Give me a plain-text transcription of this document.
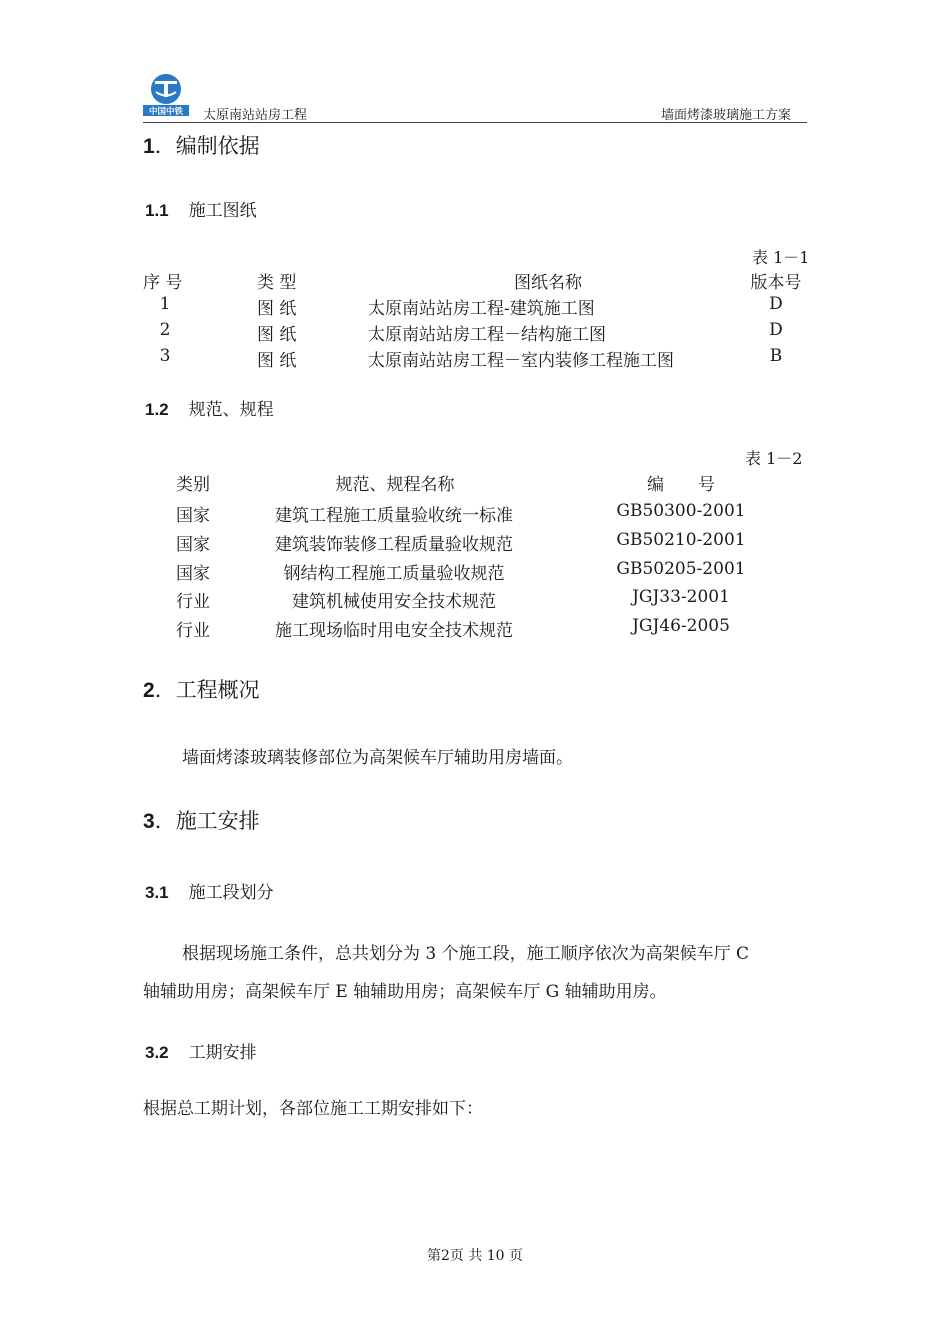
中国中铁 太原南站站房工程	墙面烤漆玻璃施工方案
1．编制依据
1.1 施工图纸
表 1－1
序 号	类 型	图纸名称	版本号
1	图 纸	太原南站站房工程-建筑施工图	D
2	图 纸	太原南站站房工程－结构施工图	D
3	图 纸	太原南站站房工程－室内装修工程施工图	B
1.2 规范、规程
表 1－2
类别	规范、规程名称	编　　号
国家	建筑工程施工质量验收统一标准	GB50300-2001
国家	建筑装饰装修工程质量验收规范	GB50210-2001
国家	钢结构工程施工质量验收规范	GB50205-2001
行业	建筑机械使用安全技术规范	JGJ33-2001
行业	施工现场临时用电安全技术规范	JGJ46-2005
2．工程概况
墙面烤漆玻璃装修部位为高架候车厅辅助用房墙面。
3．施工安排
3.1 施工段划分
根据现场施工条件，总共划分为 3 个施工段，施工顺序依次为高架候车厅 C
轴辅助用房；高架候车厅 E 轴辅助用房；高架候车厅 G 轴辅助用房。
3.2 工期安排
根据总工期计划，各部位施工工期安排如下：
第2页 共 10 页
